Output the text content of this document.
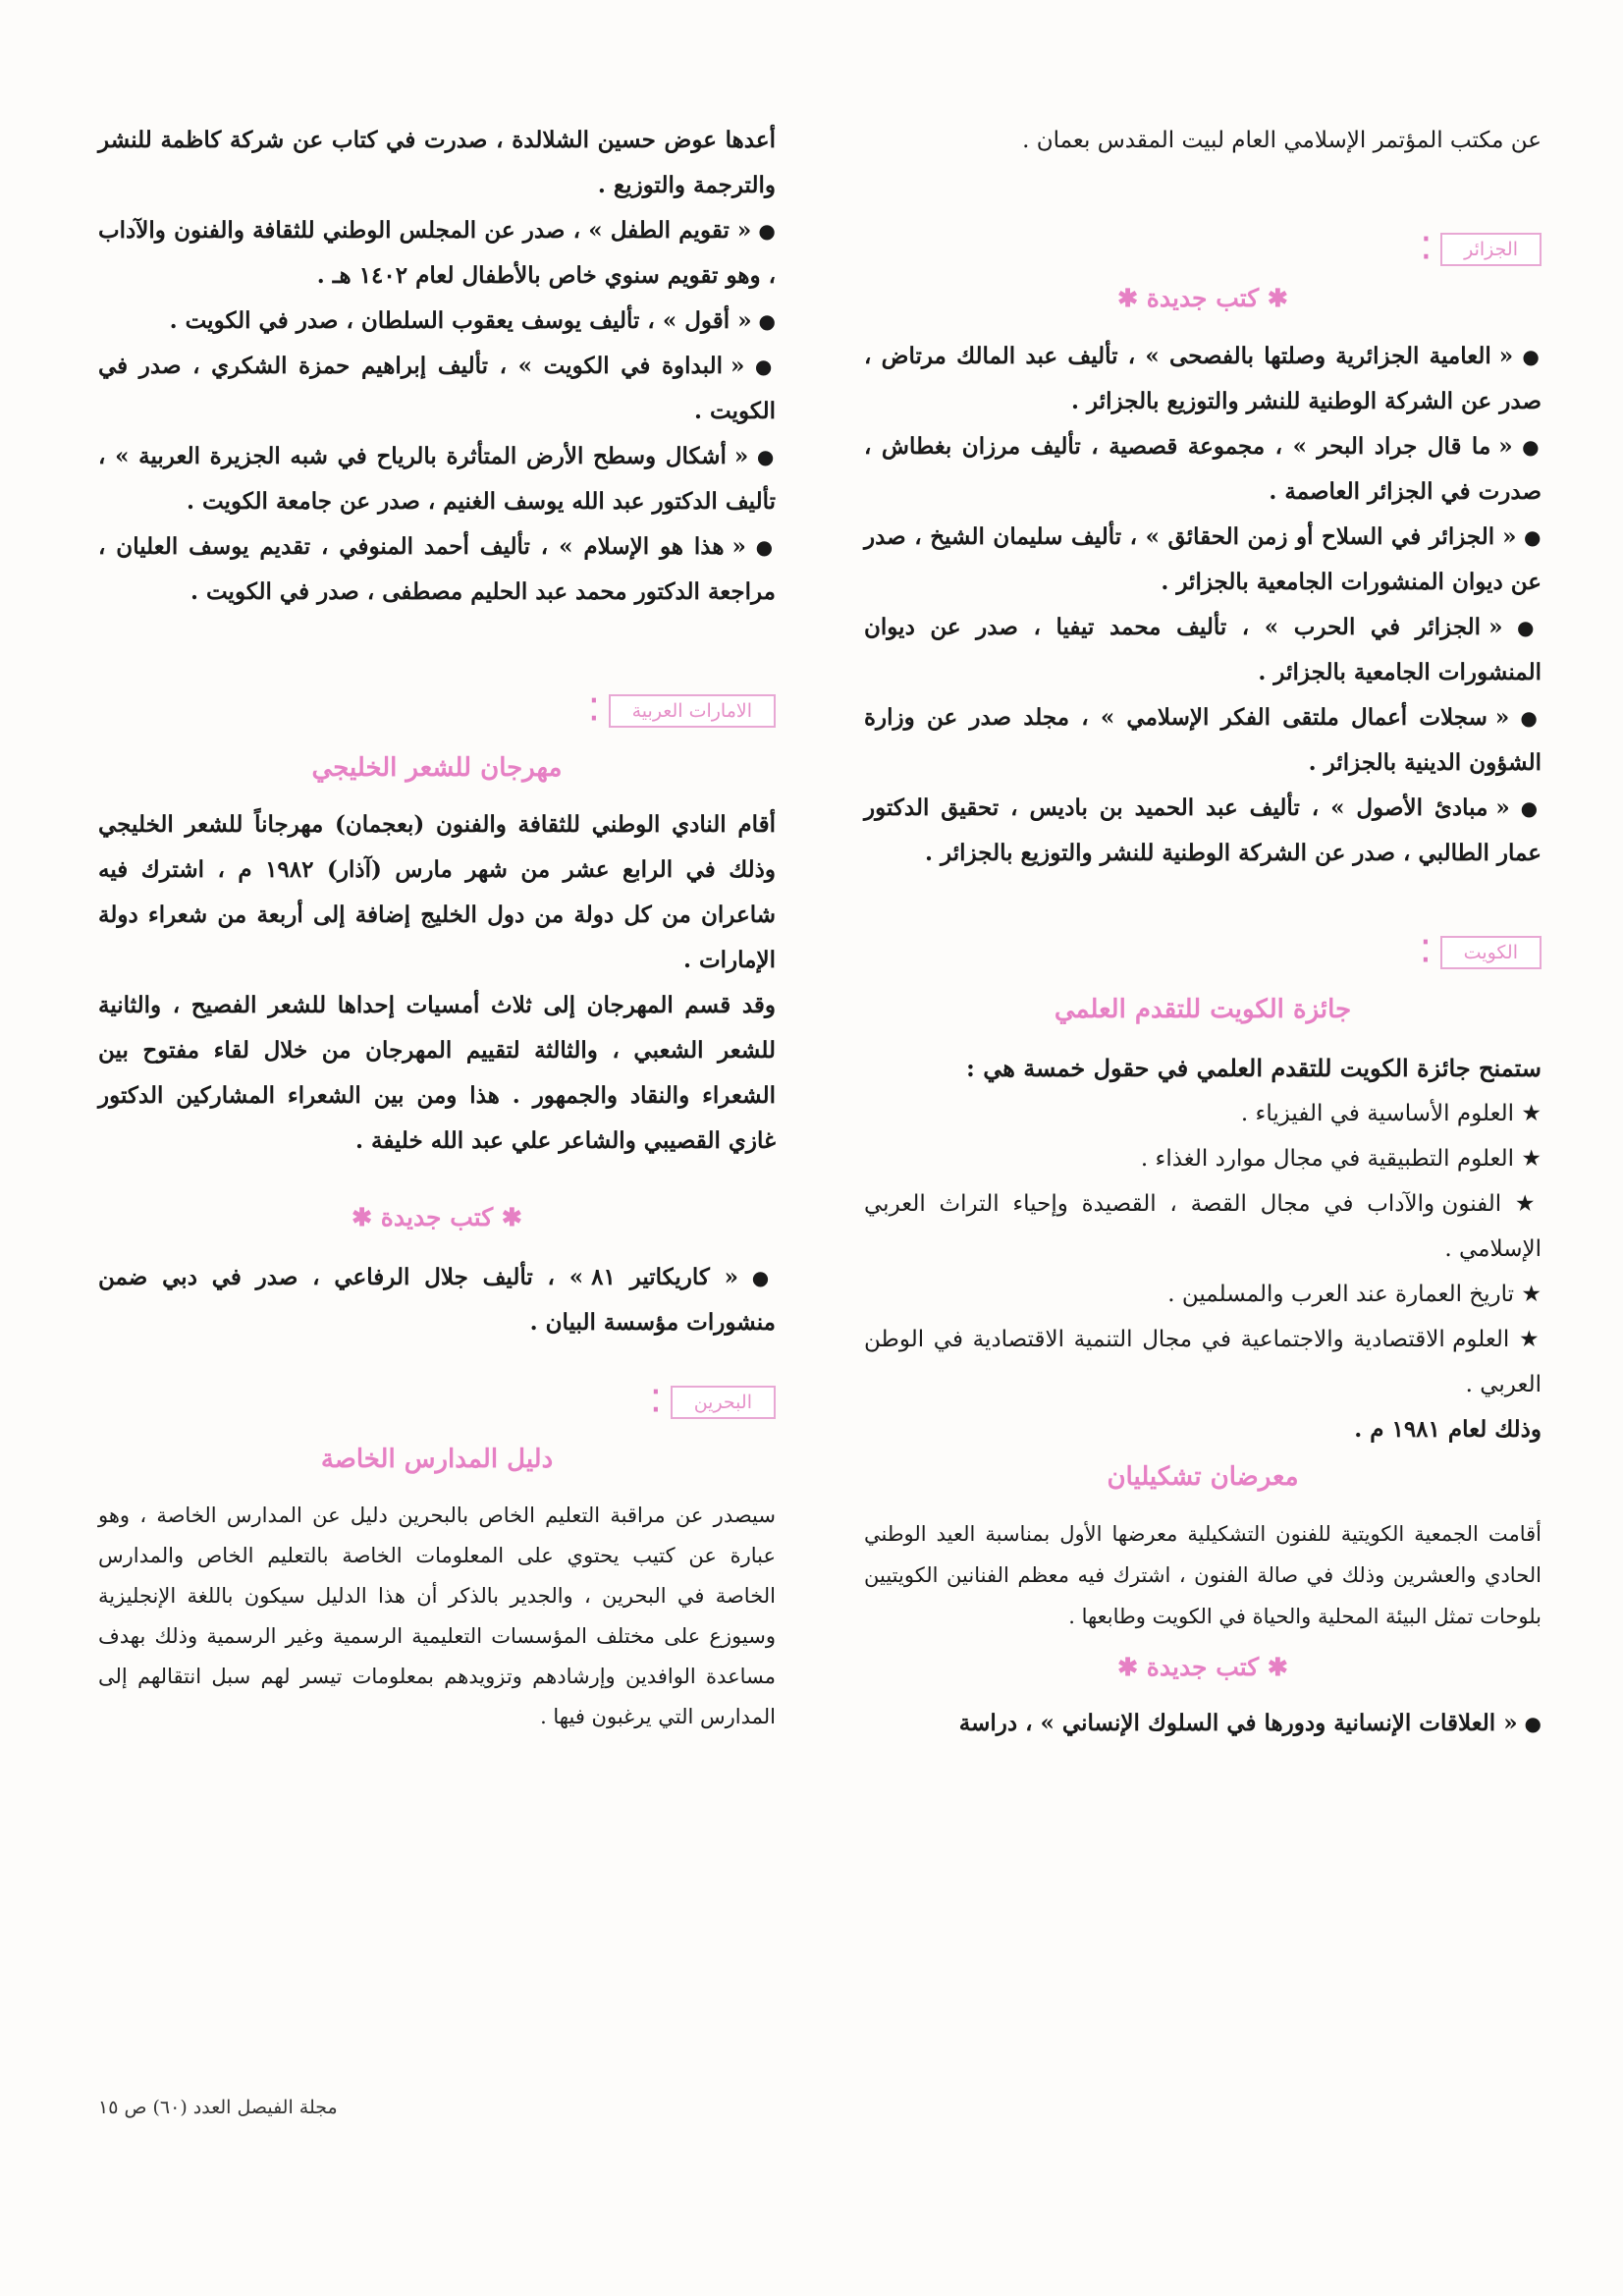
عن مكتب المؤتمر الإسلامي العام لبيت المقدس بعمان .

الجزائر
⁚

✱ كتب جديدة ✱

● « العامية الجزائرية وصلتها بالفصحى » ، تأليف عبد المالك مرتاض ، صدر عن الشركة الوطنية للنشر والتوزيع بالجزائر .

● « ما قال جراد البحر » ، مجموعة قصصية ، تأليف مرزان بغطاش ، صدرت في الجزائر العاصمة .

● « الجزائر في السلاح أو زمن الحقائق » ، تأليف سليمان الشيخ ، صدر عن ديوان المنشورات الجامعية بالجزائر .

● « الجزائر في الحرب » ، تأليف محمد تيفيا ، صدر عن ديوان المنشورات الجامعية بالجزائر .

● « سجلات أعمال ملتقى الفكر الإسلامي » ، مجلد صدر عن وزارة الشؤون الدينية بالجزائر .

● « مبادئ الأصول » ، تأليف عبد الحميد بن باديس ، تحقيق الدكتور عمار الطالبي ، صدر عن الشركة الوطنية للنشر والتوزيع بالجزائر .

الكويت
⁚

جائزة الكويت للتقدم العلمي

ستمنح جائزة الكويت للتقدم العلمي في حقول خمسة هي :

★ العلوم الأساسية في الفيزياء .

★ العلوم التطبيقية في مجال موارد الغذاء .

★ الفنون والآداب في مجال القصة ، القصيدة وإحياء التراث العربي الإسلامي .

★ تاريخ العمارة عند العرب والمسلمين .

★ العلوم الاقتصادية والاجتماعية في مجال التنمية الاقتصادية في الوطن العربي .

وذلك لعام ١٩٨١ م .

معرضان تشكيليان

أقامت الجمعية الكويتية للفنون التشكيلية معرضها الأول بمناسبة العيد الوطني الحادي والعشرين وذلك في صالة الفنون ، اشترك فيه معظم الفنانين الكويتيين بلوحات تمثل البيئة المحلية والحياة في الكويت وطابعها .

✱ كتب جديدة ✱

● « العلاقات الإنسانية ودورها في السلوك الإنساني » ، دراسة

أعدها عوض حسين الشلالدة ، صدرت في كتاب عن شركة كاظمة للنشر والترجمة والتوزيع .

● « تقويم الطفل » ، صدر عن المجلس الوطني للثقافة والفنون والآداب ، وهو تقويم سنوي خاص بالأطفال لعام ١٤٠٢ هـ .

● « أقول » ، تأليف يوسف يعقوب السلطان ، صدر في الكويت .

● « البداوة في الكويت » ، تأليف إبراهيم حمزة الشكري ، صدر في الكويت .

● « أشكال وسطح الأرض المتأثرة بالرياح في شبه الجزيرة العربية » ، تأليف الدكتور عبد الله يوسف الغنيم ، صدر عن جامعة الكويت .

● « هذا هو الإسلام » ، تأليف أحمد المنوفي ، تقديم يوسف العليان ، مراجعة الدكتور محمد عبد الحليم مصطفى ، صدر في الكويت .

الامارات العربية
⁚

مهرجان للشعر الخليجي

أقام النادي الوطني للثقافة والفنون (بعجمان) مهرجاناً للشعر الخليجي وذلك في الرابع عشر من شهر مارس (آذار) ١٩٨٢ م ، اشترك فيه شاعران من كل دولة من دول الخليج إضافة إلى أربعة من شعراء دولة الإمارات .

وقد قسم المهرجان إلى ثلاث أمسيات إحداها للشعر الفصيح ، والثانية للشعر الشعبي ، والثالثة لتقييم المهرجان من خلال لقاء مفتوح بين الشعراء والنقاد والجمهور . هذا ومن بين الشعراء المشاركين الدكتور غازي القصيبي والشاعر علي عبد الله خليفة .

✱ كتب جديدة ✱

● « كاريكاتير ٨١ » ، تأليف جلال الرفاعي ، صدر في دبي ضمن منشورات مؤسسة البيان .

البحرين
⁚

دليل المدارس الخاصة

سيصدر عن مراقبة التعليم الخاص بالبحرين دليل عن المدارس الخاصة ، وهو عبارة عن كتيب يحتوي على المعلومات الخاصة بالتعليم الخاص والمدارس الخاصة في البحرين ، والجدير بالذكر أن هذا الدليل سيكون باللغة الإنجليزية وسيوزع على مختلف المؤسسات التعليمية الرسمية وغير الرسمية وذلك بهدف مساعدة الوافدين وإرشادهم وتزويدهم بمعلومات تيسر لهم سبل انتقالهم إلى المدارس التي يرغبون فيها .

مجلة الفيصل العدد (٦٠) ص ١٥
